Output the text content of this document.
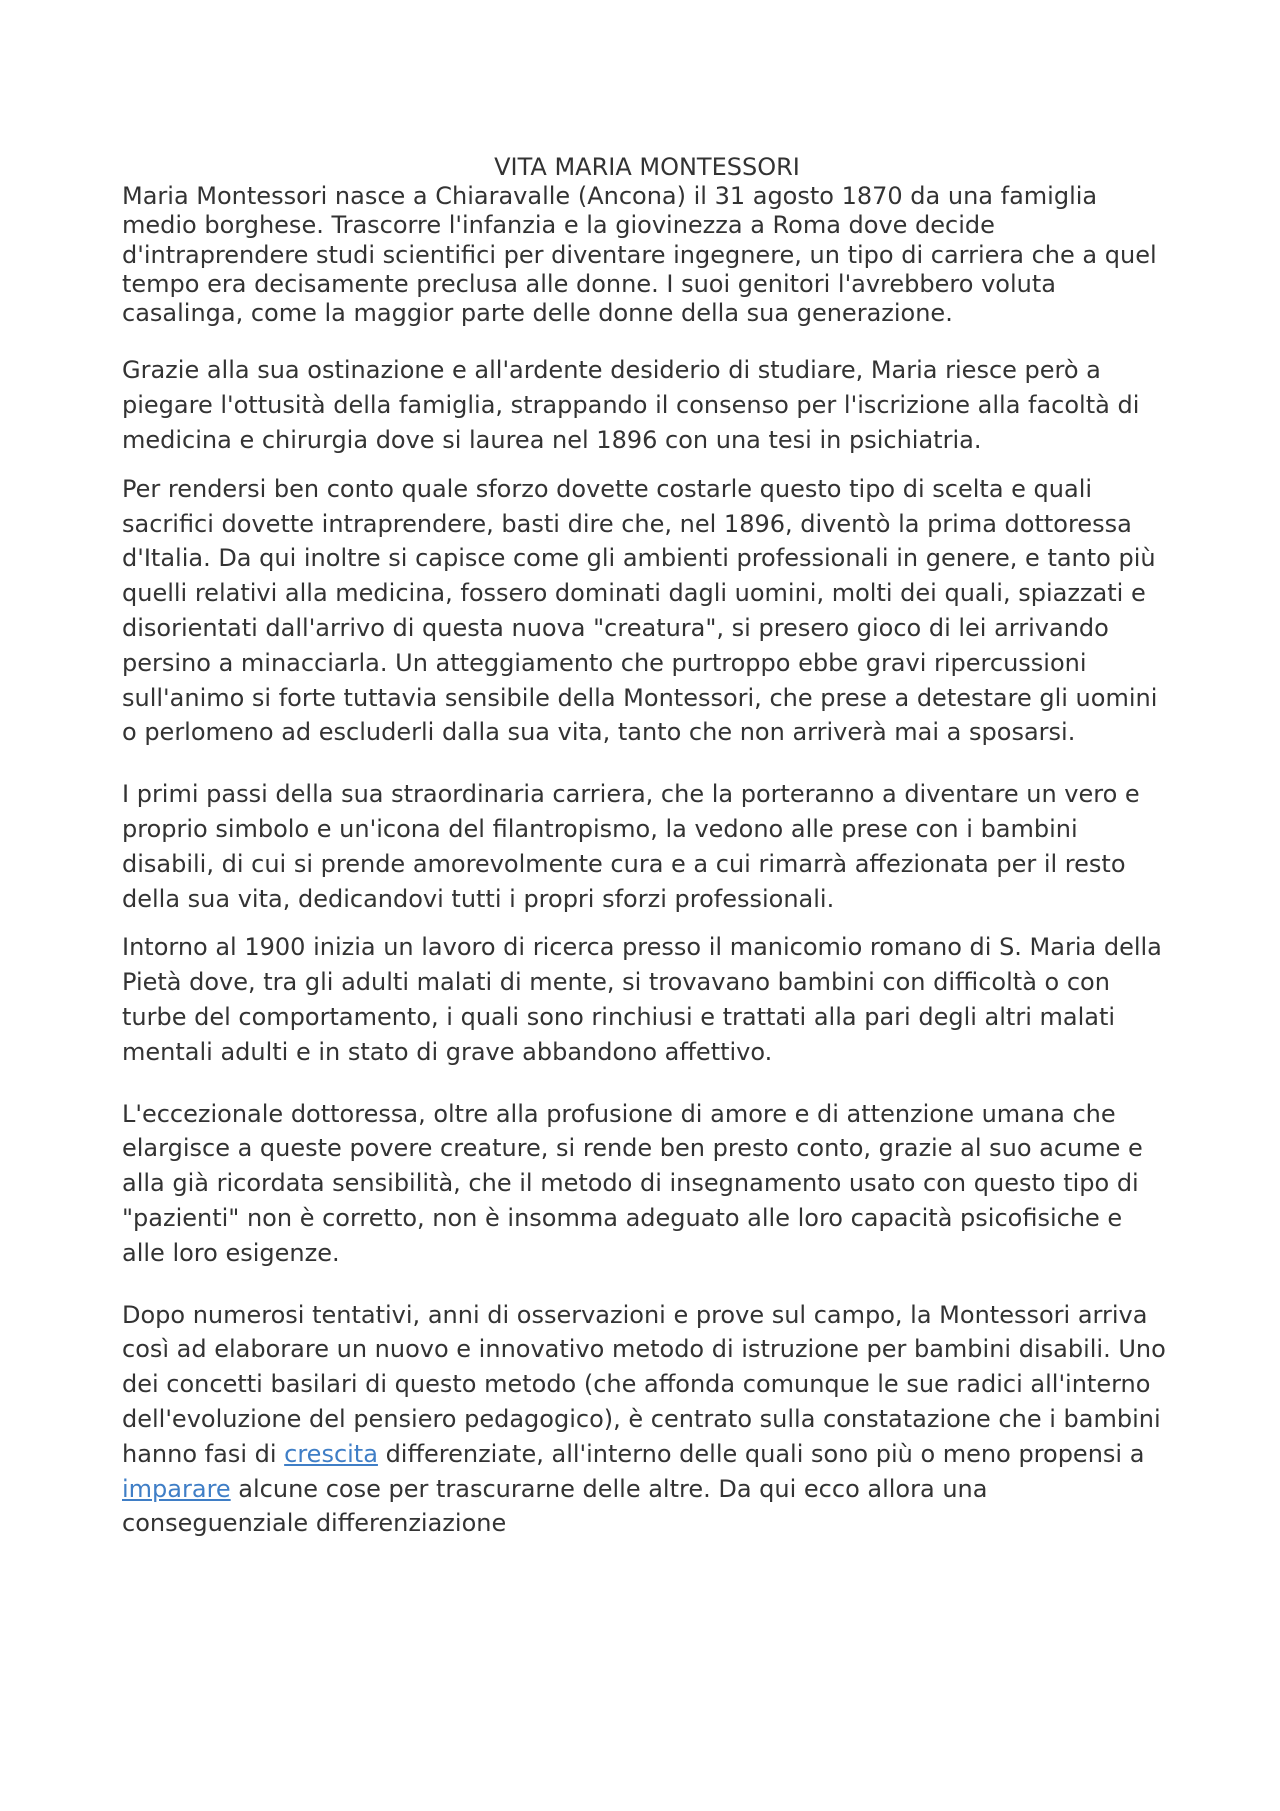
VITA MARIA MONTESSORI

Maria Montessori nasce a Chiaravalle (Ancona) il 31 agosto 1870 da una famiglia medio borghese. Trascorre l'infanzia e la giovinezza a Roma dove decide d'intraprendere studi scientifici per diventare ingegnere, un tipo di carriera che a quel tempo era decisamente preclusa alle donne. I suoi genitori l'avrebbero voluta casalinga, come la maggior parte delle donne della sua generazione.

Grazie alla sua ostinazione e all'ardente desiderio di studiare, Maria riesce però a piegare l'ottusità della famiglia, strappando il consenso per l'iscrizione alla facoltà di medicina e chirurgia dove si laurea nel 1896 con una tesi in psichiatria.

Per rendersi ben conto quale sforzo dovette costarle questo tipo di scelta e quali sacrifici dovette intraprendere, basti dire che, nel 1896, diventò la prima dottoressa d'Italia. Da qui inoltre si capisce come gli ambienti professionali in genere, e tanto più quelli relativi alla medicina, fossero dominati dagli uomini, molti dei quali, spiazzati e disorientati dall'arrivo di questa nuova "creatura", si presero gioco di lei arrivando persino a minacciarla. Un atteggiamento che purtroppo ebbe gravi ripercussioni sull'animo si forte tuttavia sensibile della Montessori, che prese a detestare gli uomini o perlomeno ad escluderli dalla sua vita, tanto che non arriverà mai a sposarsi.

I primi passi della sua straordinaria carriera, che la porteranno a diventare un vero e proprio simbolo e un'icona del filantropismo, la vedono alle prese con i bambini disabili, di cui si prende amorevolmente cura e a cui rimarrà affezionata per il resto della sua vita, dedicandovi tutti i propri sforzi professionali.

Intorno al 1900 inizia un lavoro di ricerca presso il manicomio romano di S. Maria della Pietà dove, tra gli adulti malati di mente, si trovavano bambini con difficoltà o con turbe del comportamento, i quali sono rinchiusi e trattati alla pari degli altri malati mentali adulti e in stato di grave abbandono affettivo.

L'eccezionale dottoressa, oltre alla profusione di amore e di attenzione umana che elargisce a queste povere creature, si rende ben presto conto, grazie al suo acume e alla già ricordata sensibilità, che il metodo di insegnamento usato con questo tipo di "pazienti" non è corretto, non è insomma adeguato alle loro capacità psicofisiche e alle loro esigenze.

Dopo numerosi tentativi, anni di osservazioni e prove sul campo, la Montessori arriva così ad elaborare un nuovo e innovativo metodo di istruzione per bambini disabili. Uno dei concetti basilari di questo metodo (che affonda comunque le sue radici all'interno dell'evoluzione del pensiero pedagogico), è centrato sulla constatazione che i bambini hanno fasi di crescita differenziate, all'interno delle quali sono più o meno propensi a imparare alcune cose per trascurarne delle altre. Da qui ecco allora una conseguenziale differenziazione
